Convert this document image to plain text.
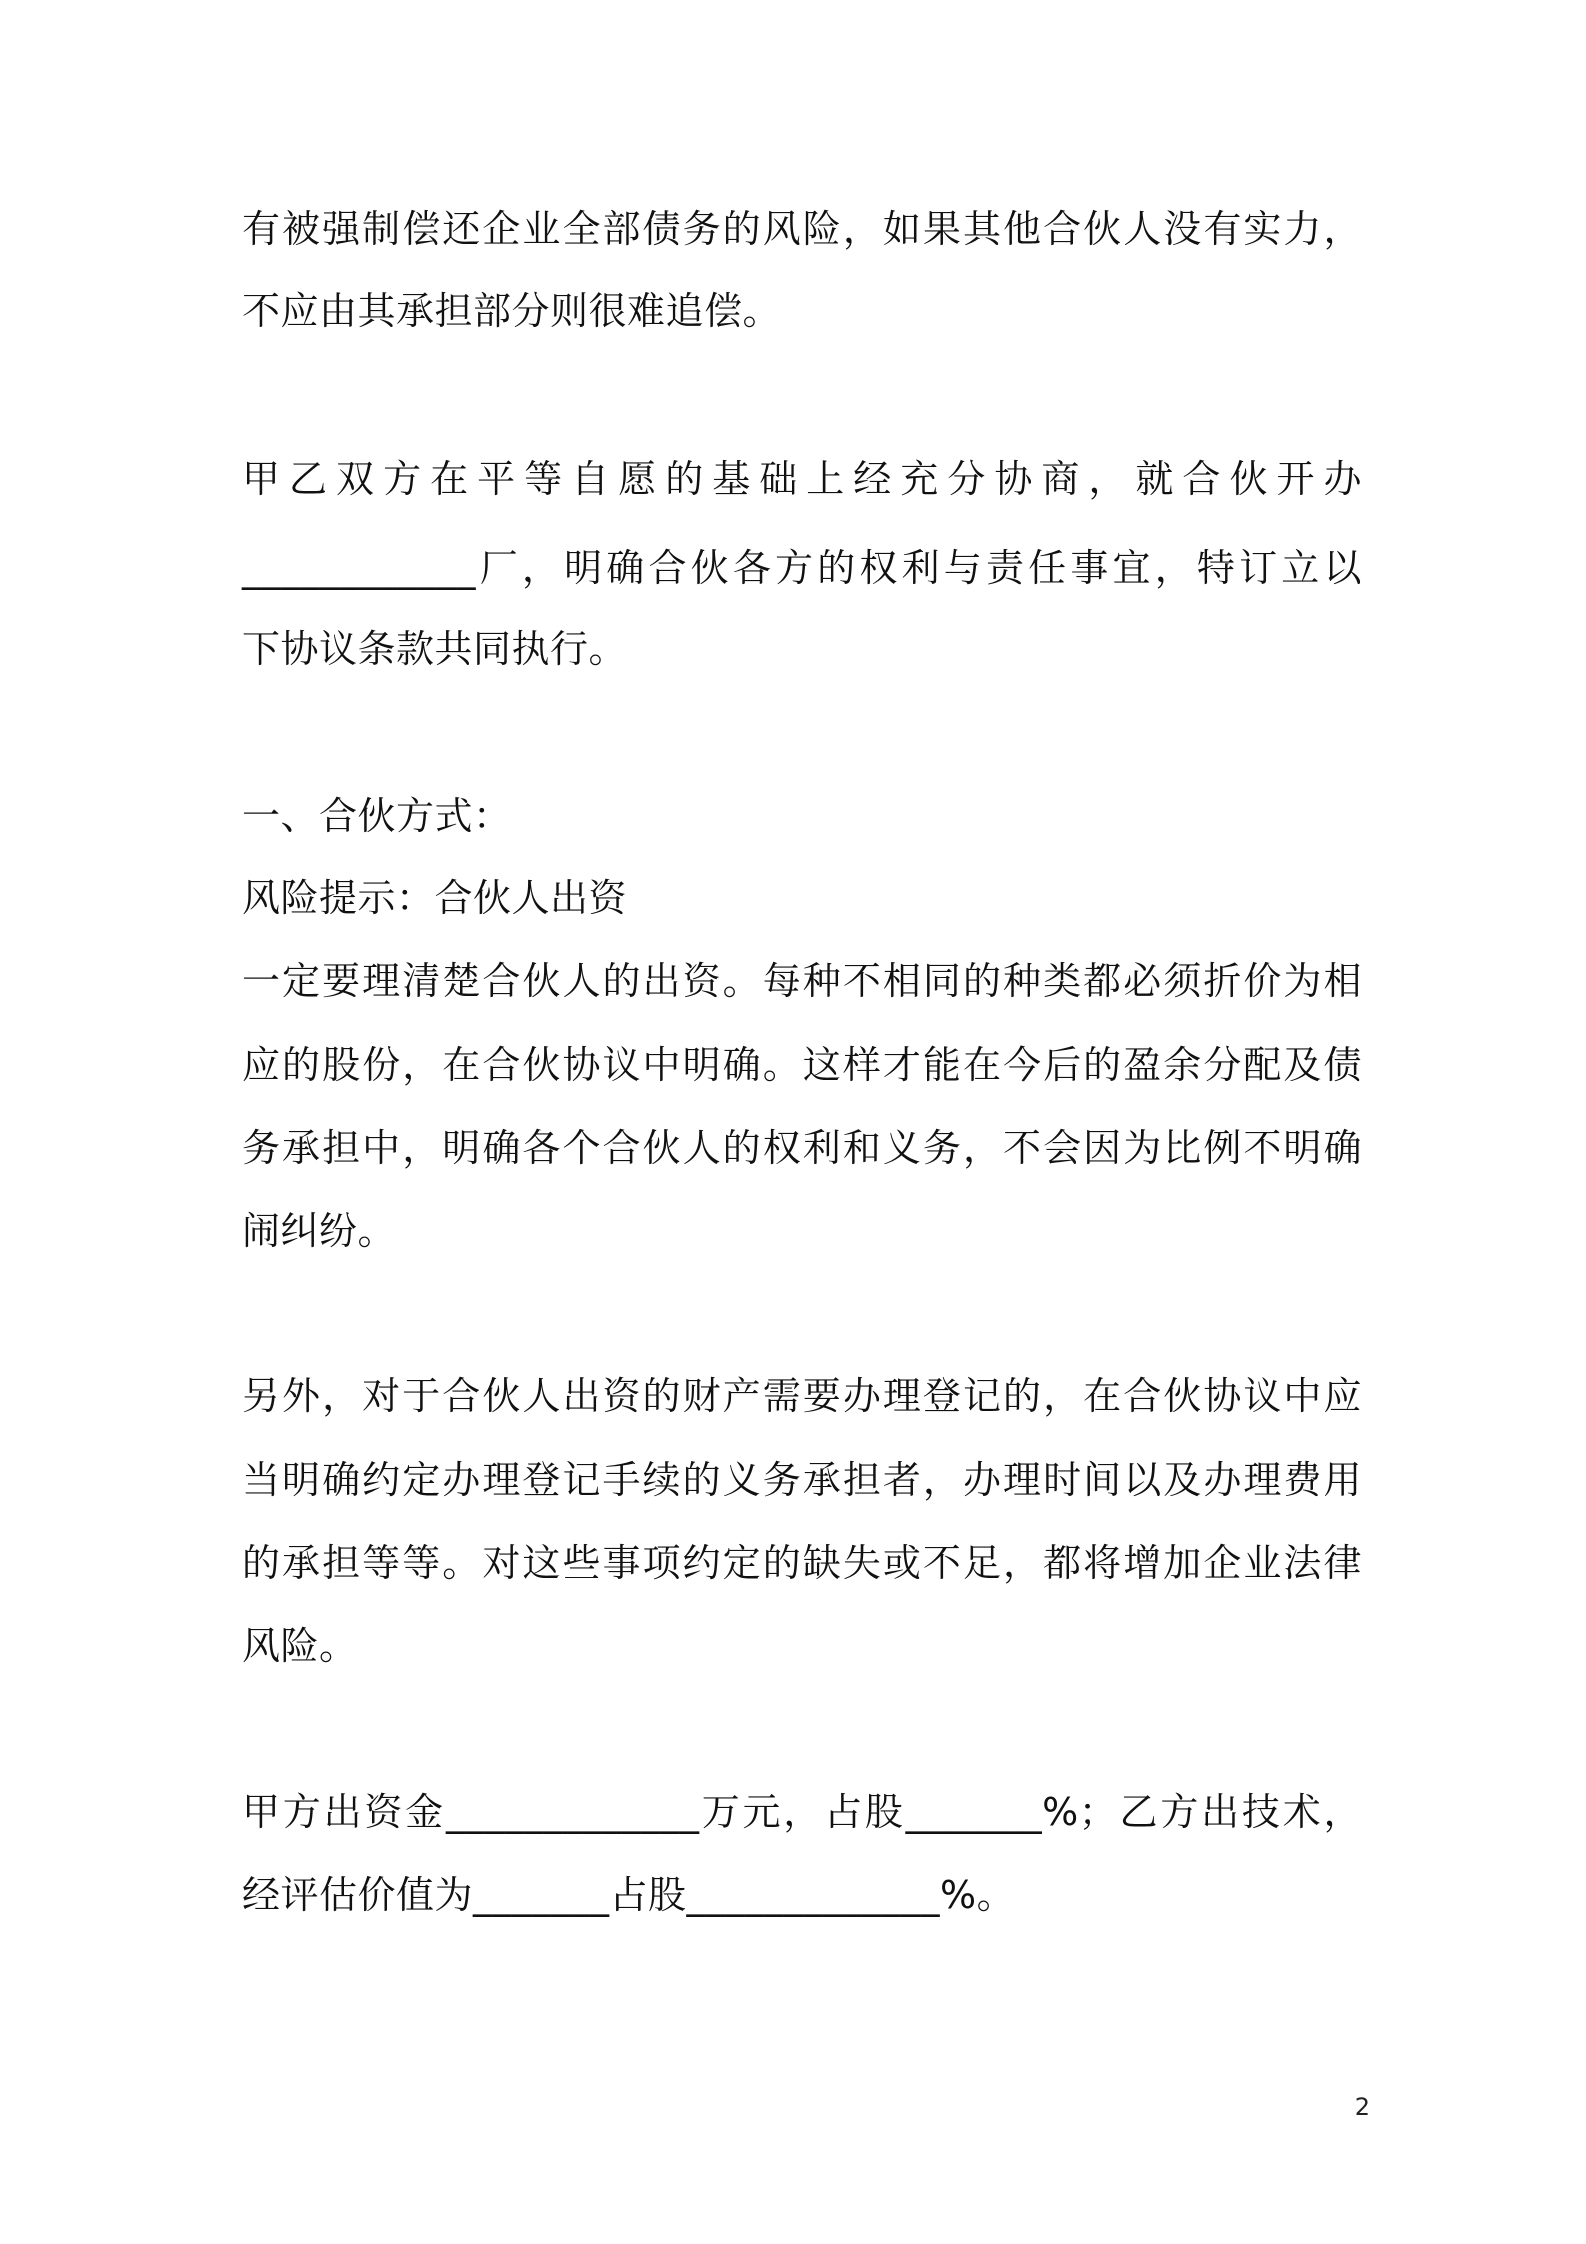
有被强制偿还企业全部债务的风险，如果其他合伙人没有实力，
不应由其承担部分则很难追偿。
甲乙双方在平等自愿的基础上经充分协商，就合伙开办
____________厂，明确合伙各方的权利与责任事宜，特订立以
下协议条款共同执行。
一、合伙方式：
风险提示：合伙人出资
一定要理清楚合伙人的出资。每种不相同的种类都必须折价为相
应的股份，在合伙协议中明确。这样才能在今后的盈余分配及债
务承担中，明确各个合伙人的权利和义务，不会因为比例不明确
闹纠纷。
另外，对于合伙人出资的财产需要办理登记的，在合伙协议中应
当明确约定办理登记手续的义务承担者，办理时间以及办理费用
的承担等等。对这些事项约定的缺失或不足，都将增加企业法律
风险。
甲方出资金_____________万元，占股_______%；乙方出技术，
经评估价值为_______占股_____________%。
2
